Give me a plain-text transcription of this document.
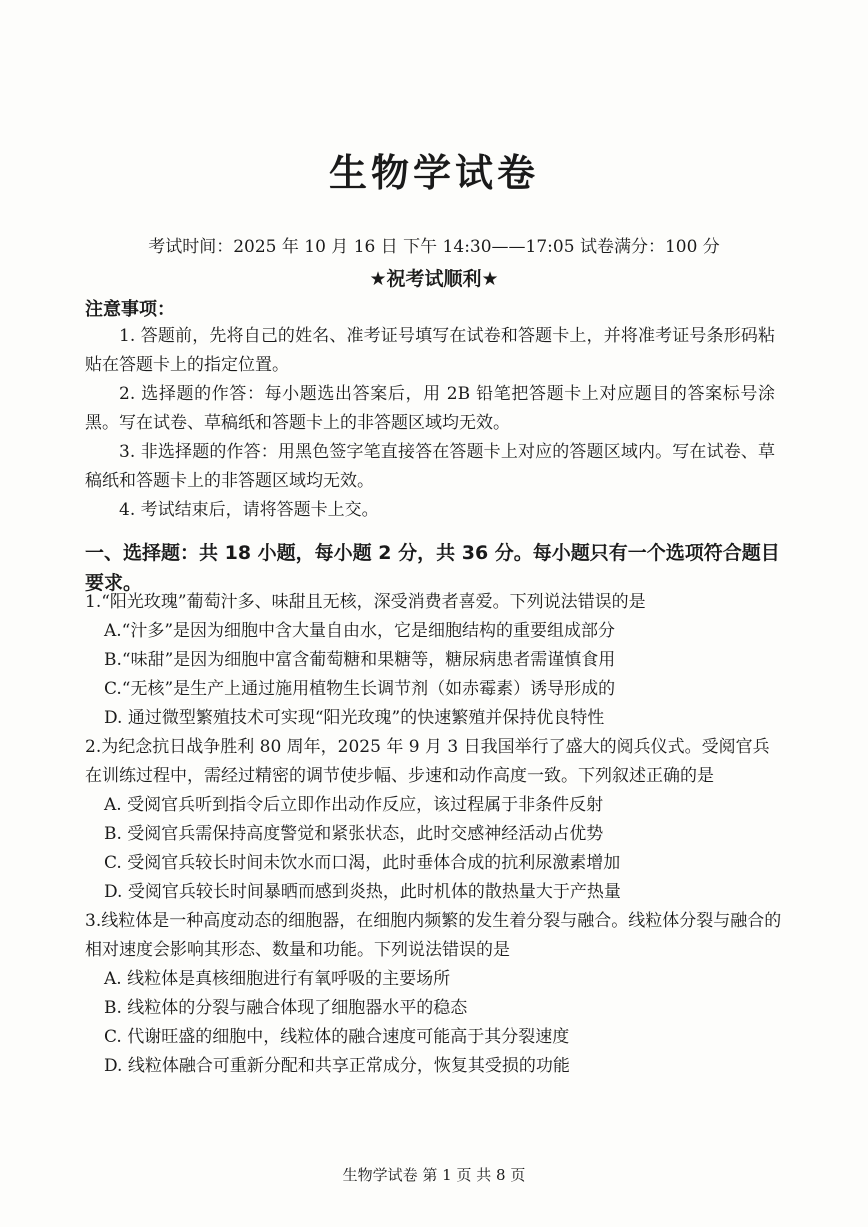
生物学试卷
考试时间：2025 年 10 月 16 日 下午 14:30——17:05 试卷满分：100 分
★祝考试顺利★
注意事项：

1. 答题前，先将自己的姓名、准考证号填写在试卷和答题卡上，并将准考证号条形码粘贴在答题卡上的指定位置。

2. 选择题的作答：每小题选出答案后，用 2B 铅笔把答题卡上对应题目的答案标号涂黑。写在试卷、草稿纸和答题卡上的非答题区域均无效。

3. 非选择题的作答：用黑色签字笔直接答在答题卡上对应的答题区域内。写在试卷、草稿纸和答题卡上的非答题区域均无效。

4. 考试结束后，请将答题卡上交。

一、选择题：共 18 小题，每小题 2 分，共 36 分。每小题只有一个选项符合题目要求。

1.“阳光玫瑰”葡萄汁多、味甜且无核，深受消费者喜爱。下列说法错误的是

A.“汁多”是因为细胞中含大量自由水，它是细胞结构的重要组成部分

B.“味甜”是因为细胞中富含葡萄糖和果糖等，糖尿病患者需谨慎食用

C.“无核”是生产上通过施用植物生长调节剂（如赤霉素）诱导形成的

D. 通过微型繁殖技术可实现“阳光玫瑰”的快速繁殖并保持优良特性

2.为纪念抗日战争胜利 80 周年，2025 年 9 月 3 日我国举行了盛大的阅兵仪式。受阅官兵在训练过程中，需经过精密的调节使步幅、步速和动作高度一致。下列叙述正确的是

A. 受阅官兵听到指令后立即作出动作反应，该过程属于非条件反射

B. 受阅官兵需保持高度警觉和紧张状态，此时交感神经活动占优势

C. 受阅官兵较长时间未饮水而口渴，此时垂体合成的抗利尿激素增加

D. 受阅官兵较长时间暴晒而感到炎热，此时机体的散热量大于产热量

3.线粒体是一种高度动态的细胞器，在细胞内频繁的发生着分裂与融合。线粒体分裂与融合的相对速度会影响其形态、数量和功能。下列说法错误的是

A. 线粒体是真核细胞进行有氧呼吸的主要场所

B. 线粒体的分裂与融合体现了细胞器水平的稳态

C. 代谢旺盛的细胞中，线粒体的融合速度可能高于其分裂速度

D. 线粒体融合可重新分配和共享正常成分，恢复其受损的功能

生物学试卷 第 1 页 共 8 页
